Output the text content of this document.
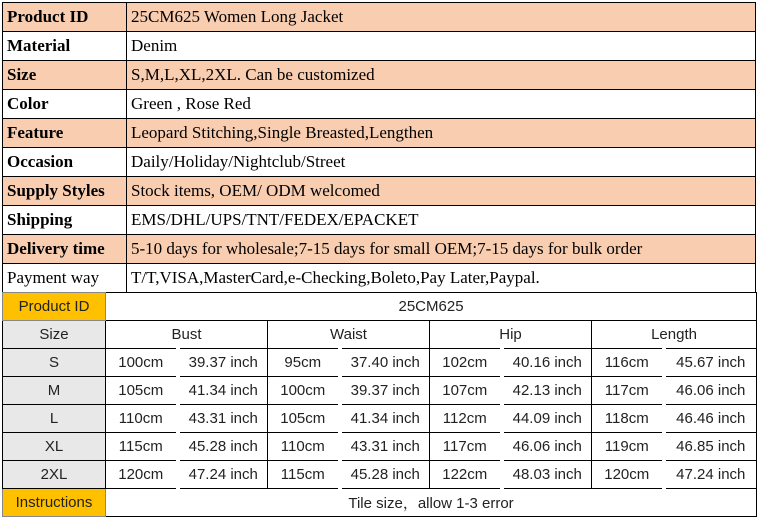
Product ID	25CM625 Women Long Jacket
Material	Denim
Size	S,M,L,XL,2XL. Can be customized
Color	Green , Rose Red
Feature	Leopard Stitching,Single Breasted,Lengthen
Occasion	Daily/Holiday/Nightclub/Street
Supply Styles	Stock items, OEM/ ODM welcomed
Shipping	EMS/DHL/UPS/TNT/FEDEX/EPACKET
Delivery time	5-10 days for wholesale;7-15 days for small OEM;7-15 days for bulk order
Payment way	T/T,VISA,MasterCard,e-Checking,Boleto,Pay Later,Paypal.
Product ID	25CM625							
Size	Bust		Waist		Hip		Length	
S	100cm	39.37 inch	95cm	37.40 inch	102cm	40.16 inch	116cm	45.67 inch
M	105cm	41.34 inch	100cm	39.37 inch	107cm	42.13 inch	117cm	46.06 inch
L	110cm	43.31 inch	105cm	41.34 inch	112cm	44.09 inch	118cm	46.46 inch
XL	115cm	45.28 inch	110cm	43.31 inch	117cm	46.06 inch	119cm	46.85 inch
2XL	120cm	47.24 inch	115cm	45.28 inch	122cm	48.03 inch	120cm	47.24 inch
Instructions	Tile size，allow 1-3 error							
